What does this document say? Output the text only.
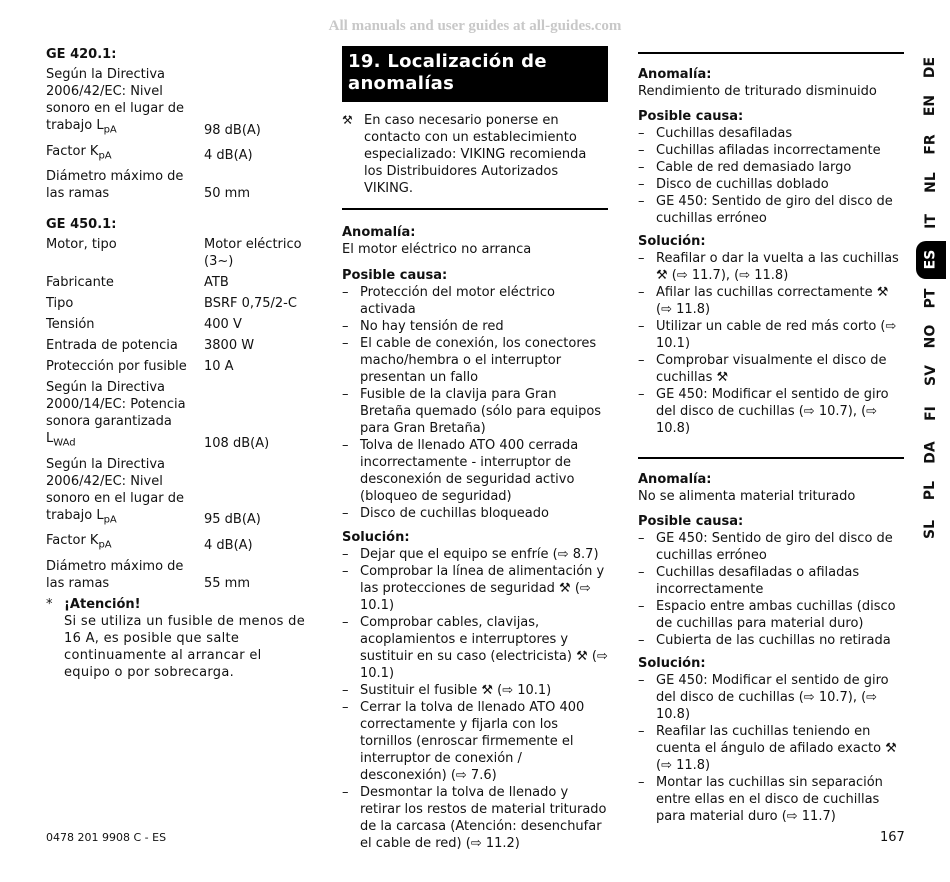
All manuals and user guides at all-guides.com
GE 420.1:
Según la Directiva 2006/42/EC: Nivel sonoro en el lugar de trabajo $L_{pA}$	98 dB(A)
Factor $K_{pA}$	4 dB(A)
Diámetro máximo de las ramas	50 mm
GE 450.1:
Motor, tipo	Motor eléctrico (3~)
Fabricante	ATB
Tipo	BSRF 0,75/2-C
Tensión	400 V
Entrada de potencia	3800 W
Protección por fusible	10 A
Según la Directiva 2000/14/EC: Potencia sonora garantizada $L_{WAd}$	108 dB(A)
Según la Directiva 2006/42/EC: Nivel sonoro en el lugar de trabajo $L_{pA}$	95 dB(A)
Factor $K_{pA}$	4 dB(A)
Diámetro máximo de las ramas	55 mm
* ¡Atención!
Si se utiliza un fusible de menos de 16 A, es posible que salte continuamente al arrancar el equipo o por sobrecarga.
19. Localización de anomalías
⚒ En caso necesario ponerse en contacto con un establecimiento especializado: VIKING recomienda los Distribuidores Autorizados VIKING.
Anomalía:
El motor eléctrico no arranca
Posible causa:
– Protección del motor eléctrico activada
– No hay tensión de red
– El cable de conexión, los conectores macho/hembra o el interruptor presentan un fallo
– Fusible de la clavija para Gran Bretaña quemado (sólo para equipos para Gran Bretaña)
– Tolva de llenado ATO 400 cerrada incorrectamente - interruptor de desconexión de seguridad activo (bloqueo de seguridad)
– Disco de cuchillas bloqueado
Solución:
– Dejar que el equipo se enfríe (⇨ 8.7)
– Comprobar la línea de alimentación y las protecciones de seguridad ⚒ (⇨ 10.1)
– Comprobar cables, clavijas, acoplamientos e interruptores y sustituir en su caso (electricista) ⚒ (⇨ 10.1)
– Sustituir el fusible ⚒ (⇨ 10.1)
– Cerrar la tolva de llenado ATO 400 correctamente y fijarla con los tornillos (enroscar firmemente el interruptor de conexión / desconexión) (⇨ 7.6)
– Desmontar la tolva de llenado y retirar los restos de material triturado de la carcasa (Atención: desenchufar el cable de red) (⇨ 11.2)
Anomalía:
Rendimiento de triturado disminuido
Posible causa:
– Cuchillas desafiladas
– Cuchillas afiladas incorrectamente
– Cable de red demasiado largo
– Disco de cuchillas doblado
– GE 450: Sentido de giro del disco de cuchillas erróneo
Solución:
– Reafilar o dar la vuelta a las cuchillas ⚒ (⇨ 11.7), (⇨ 11.8)
– Afilar las cuchillas correctamente ⚒ (⇨ 11.8)
– Utilizar un cable de red más corto (⇨ 10.1)
– Comprobar visualmente el disco de cuchillas ⚒
– GE 450: Modificar el sentido de giro del disco de cuchillas (⇨ 10.7), (⇨ 10.8)
Anomalía:
No se alimenta material triturado
Posible causa:
– GE 450: Sentido de giro del disco de cuchillas erróneo
– Cuchillas desafiladas o afiladas incorrectamente
– Espacio entre ambas cuchillas (disco de cuchillas para material duro)
– Cubierta de las cuchillas no retirada
Solución:
– GE 450: Modificar el sentido de giro del disco de cuchillas (⇨ 10.7), (⇨ 10.8)
– Reafilar las cuchillas teniendo en cuenta el ángulo de afilado exacto ⚒ (⇨ 11.8)
– Montar las cuchillas sin separación entre ellas en el disco de cuchillas para material duro (⇨ 11.7)
DE
EN
FR
NL
IT
ES
PT
NO
SV
FI
DA
PL
SL
0478 201 9908 C - ES	167
